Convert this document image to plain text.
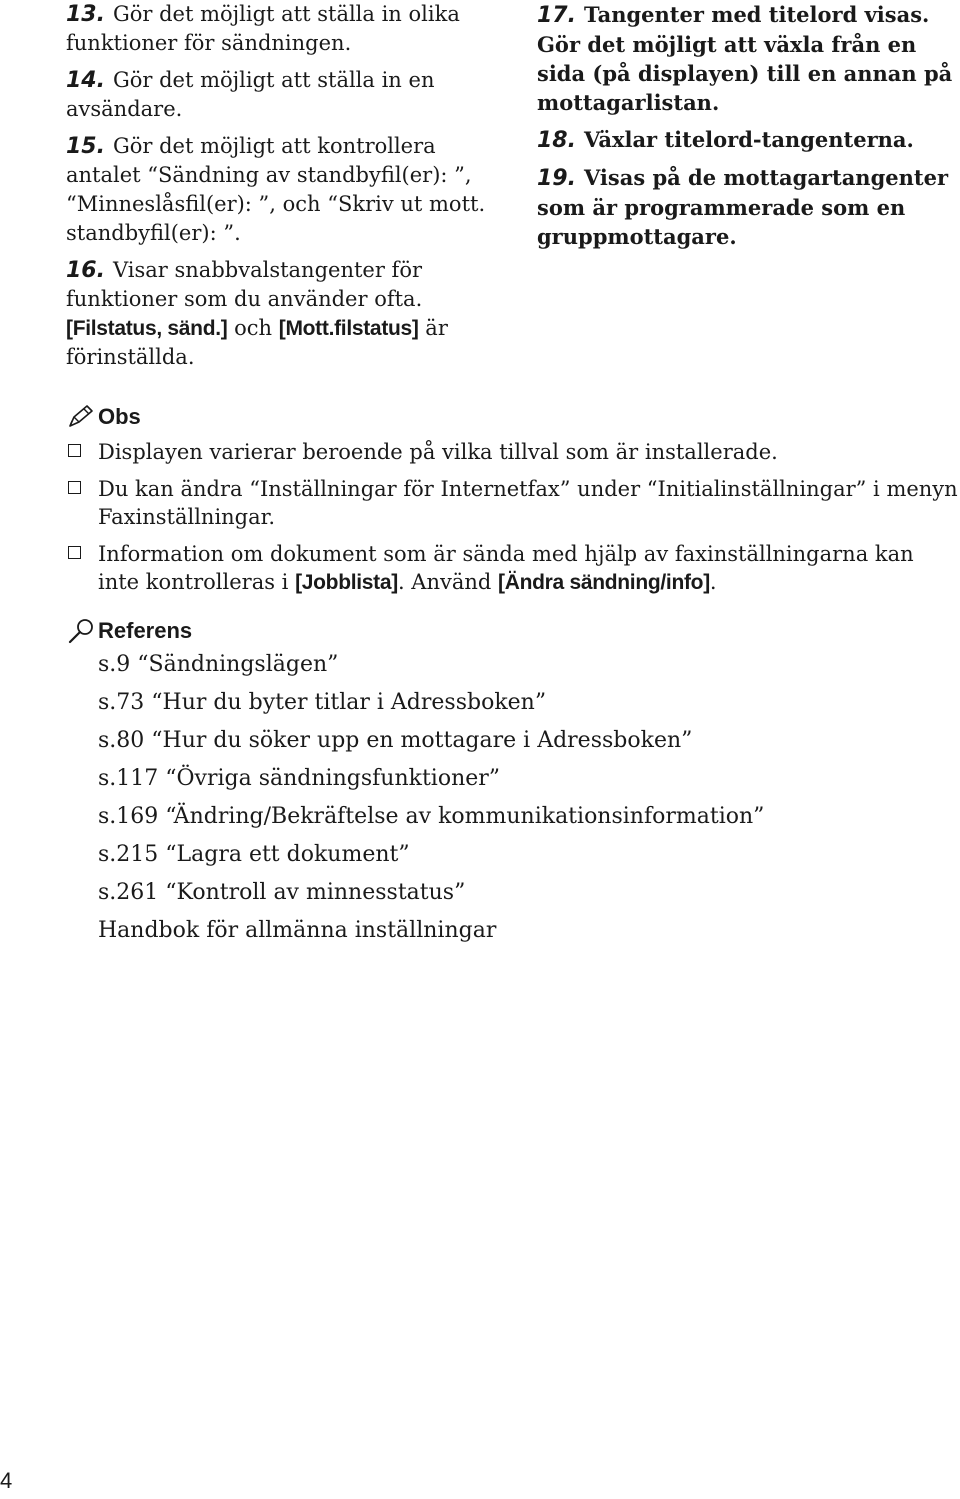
13. Gör det möjligt att ställa in olika funktioner för sändningen.

14. Gör det möjligt att ställa in en avsändare.

15. Gör det möjligt att kontrollera antalet “Sändning av standbyfil(er): ”, “Minneslåsfil(er): ”, och “Skriv ut mott. standbyfil(er): ”.

16. Visar snabbvalstangenter för funktioner som du använder ofta. [Filstatus, sänd.] och [Mott.filstatus] är förinställda.

17. Tangenter med titelord visas. Gör det möjligt att växla från en sida (på displayen) till en annan på mottagarlistan.

18. Växlar titelord-tangenterna.

19. Visas på de mottagartangenter som är programmerade som en gruppmottagare.

Obs

Displayen varierar beroende på vilka tillval som är installerade.

Du kan ändra “Inställningar för Internetfax” under “Initialinställningar” i menyn Faxinställningar.

Information om dokument som är sända med hjälp av faxinställningarna kan inte kontrolleras i [Jobblista]. Använd [Ändra sändning/info].

Referens
s.9 “Sändningslägen”
s.73 “Hur du byter titlar i Adressboken”
s.80 “Hur du söker upp en mottagare i Adressboken”
s.117 “Övriga sändningsfunktioner”
s.169 “Ändring/Bekräftelse av kommunikationsinformation”
s.215 “Lagra ett dokument”
s.261 “Kontroll av minnesstatus”
Handbok för allmänna inställningar
4
